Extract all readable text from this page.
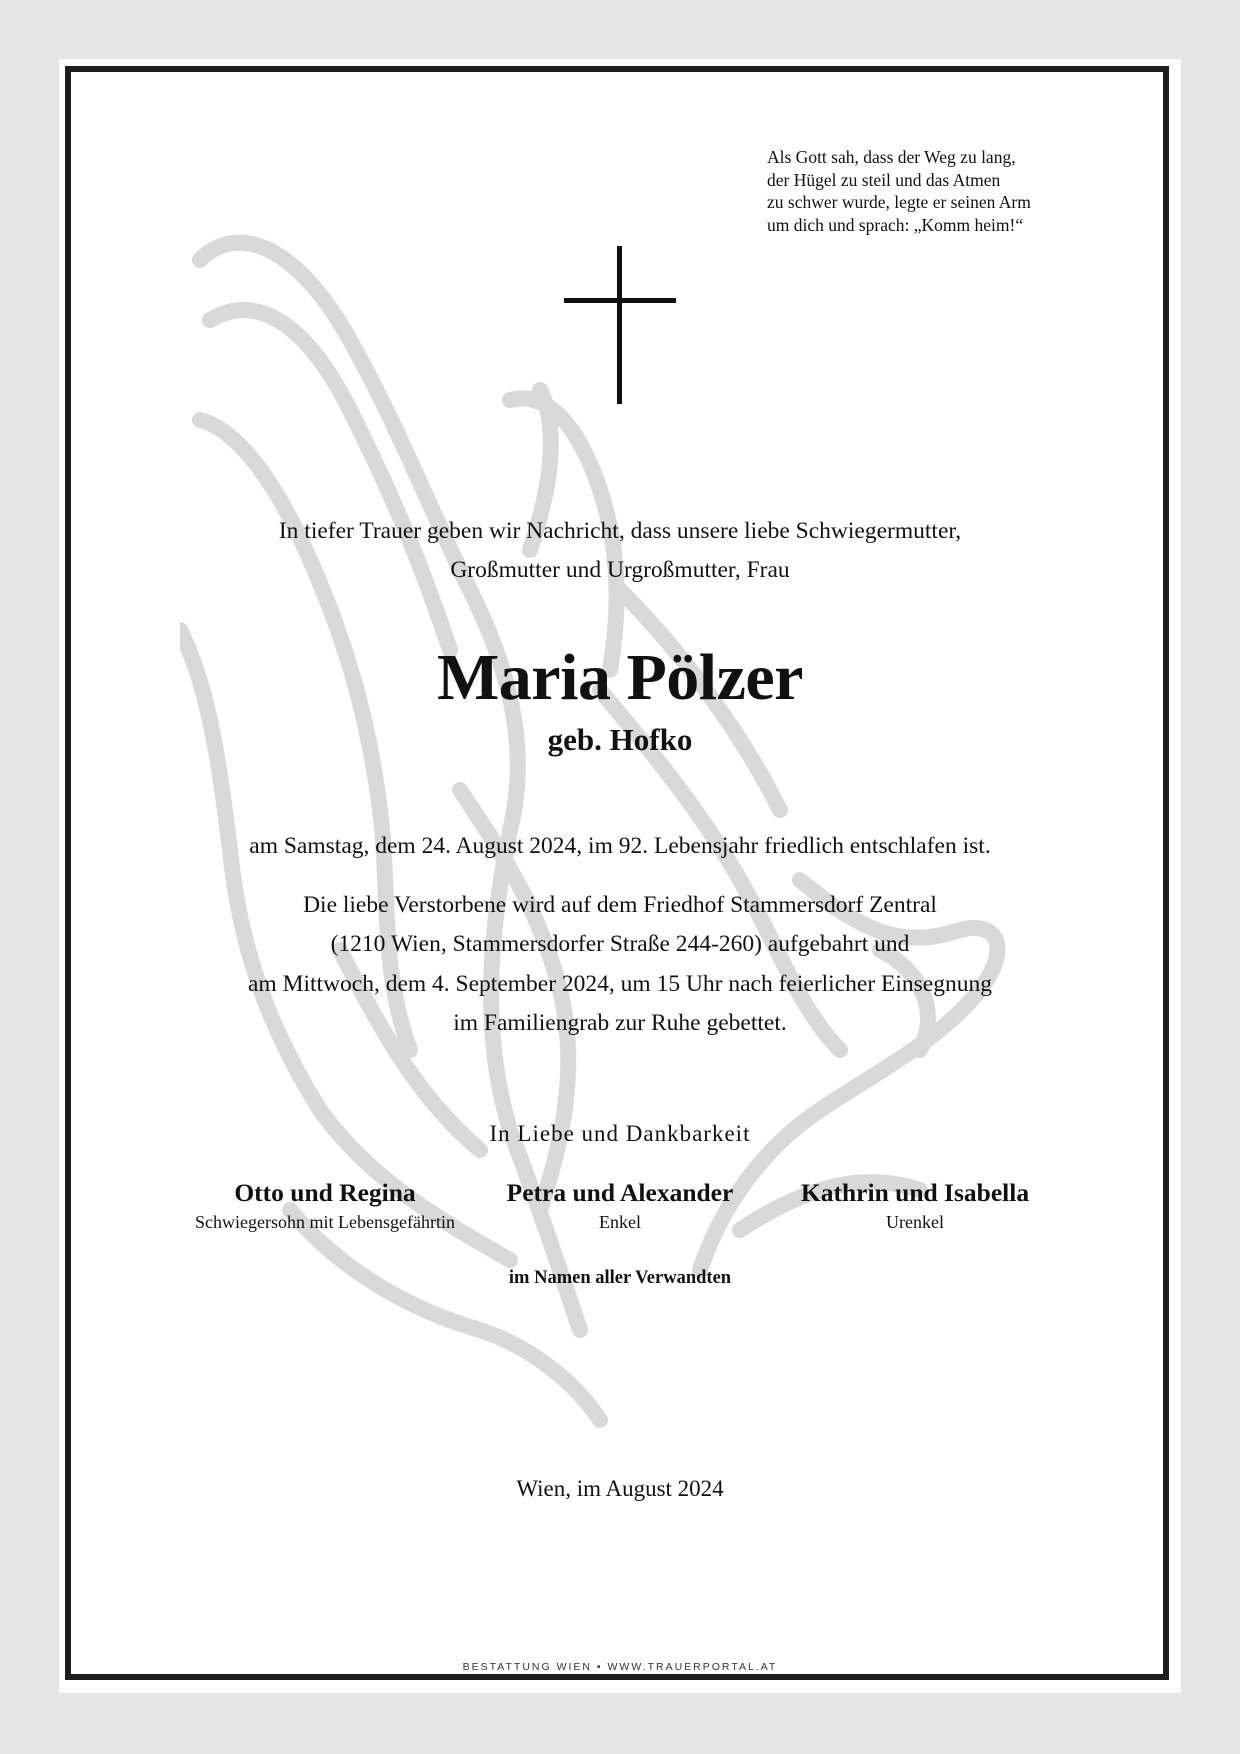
Als Gott sah, dass der Weg zu lang,
der Hügel zu steil und das Atmen
zu schwer wurde, legte er seinen Arm
um dich und sprach: „Komm heim!“
In tiefer Trauer geben wir Nachricht, dass unsere liebe Schwiegermutter,
Großmutter und Urgroßmutter, Frau
Maria Pölzer
geb. Hofko
am Samstag, dem 24. August 2024, im 92. Lebensjahr friedlich entschlafen ist.
Die liebe Verstorbene wird auf dem Friedhof Stammersdorf Zentral
(1210 Wien, Stammersdorfer Straße 244-260) aufgebahrt und
am Mittwoch, dem 4. September 2024, um 15 Uhr nach feierlicher Einsegnung
im Familiengrab zur Ruhe gebettet.
In Liebe und Dankbarkeit
Otto und Regina
Schwiegersohn mit Lebensgefährtin
Petra und Alexander
Enkel
Kathrin und Isabella
Urenkel
im Namen aller Verwandten
Wien, im August 2024
BESTATTUNG WIEN • WWW.TRAUERPORTAL.AT
